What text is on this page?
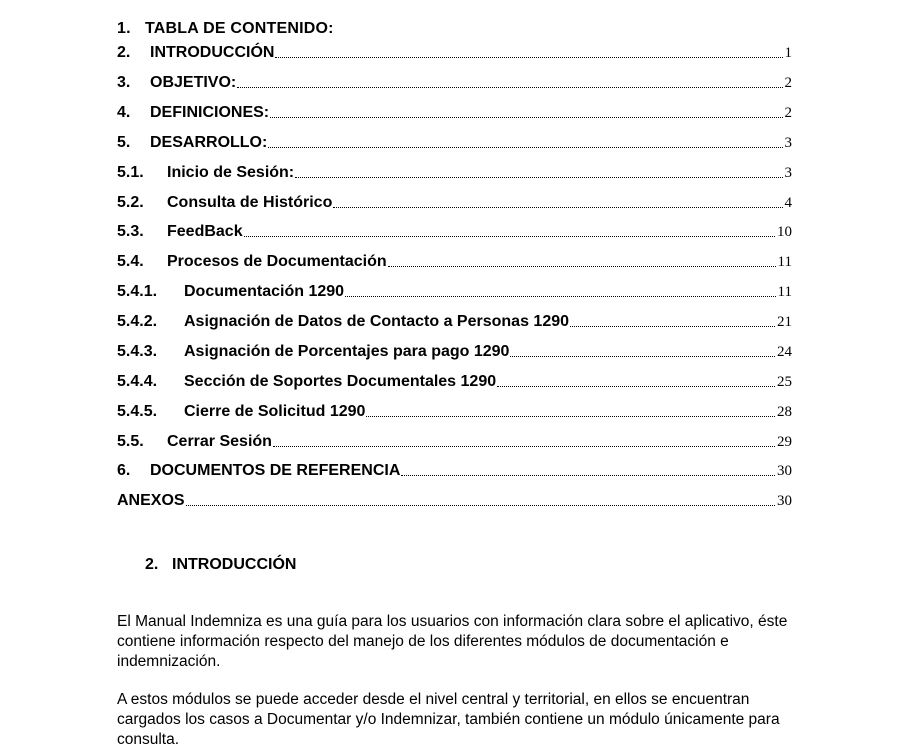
1. TABLA DE CONTENIDO:
2.	INTRODUCCIÓN	1
3.	OBJETIVO:	2
4.	DEFINICIONES:	2
5.	DESARROLLO:	3
5.1.	Inicio de Sesión:	3
5.2.	Consulta de Histórico	4
5.3.	FeedBack	10
5.4.	Procesos de Documentación	11
5.4.1.	Documentación 1290	11
5.4.2.	Asignación de Datos de Contacto a Personas 1290	21
5.4.3.	Asignación de Porcentajes para pago 1290	24
5.4.4.	Sección de Soportes Documentales 1290	25
5.4.5.	Cierre de Solicitud 1290	28
5.5.	Cerrar Sesión	29
6.	DOCUMENTOS DE REFERENCIA	30
ANEXOS	30
2. INTRODUCCIÓN

El Manual Indemniza es una guía para los usuarios con información clara sobre el aplicativo, éste contiene información respecto del manejo de los diferentes módulos de documentación e indemnización.

A estos módulos se puede acceder desde el nivel central y territorial, en ellos se encuentran cargados los casos a Documentar y/o Indemnizar, también contiene un módulo únicamente para consulta.
